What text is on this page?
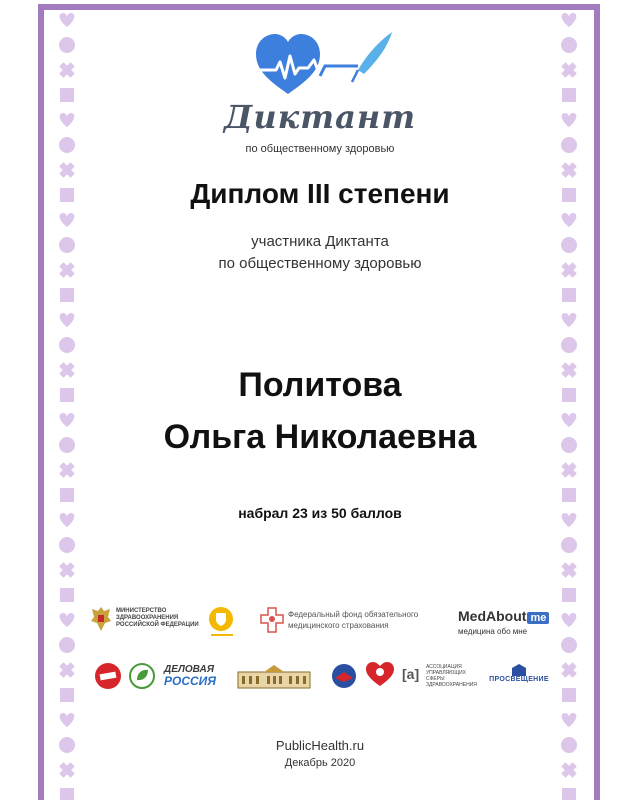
Диктант
по общественному здоровью
Диплом III степени
участника Диктанта
по общественному здоровью
Политова
Ольга Николаевна
набрал 23 из 50 баллов
МИНИСТЕРСТВО
ЗДРАВООХРАНЕНИЯ
РОССИЙСКОЙ ФЕДЕРАЦИИ
Федеральный фонд обязательного
медицинского страхования
MedAbout me
медицина обо мне
ДЕЛОВАЯ
РОССИЯ	[a] АССОЦИАЦИЯ
УПРАВЛЯЮЩИХ СФЕРЫ
ЗДРАВООХРАНЕНИЯ
ПРОСВЕЩЕНИЕ
PublicHealth.ru
Декабрь 2020
